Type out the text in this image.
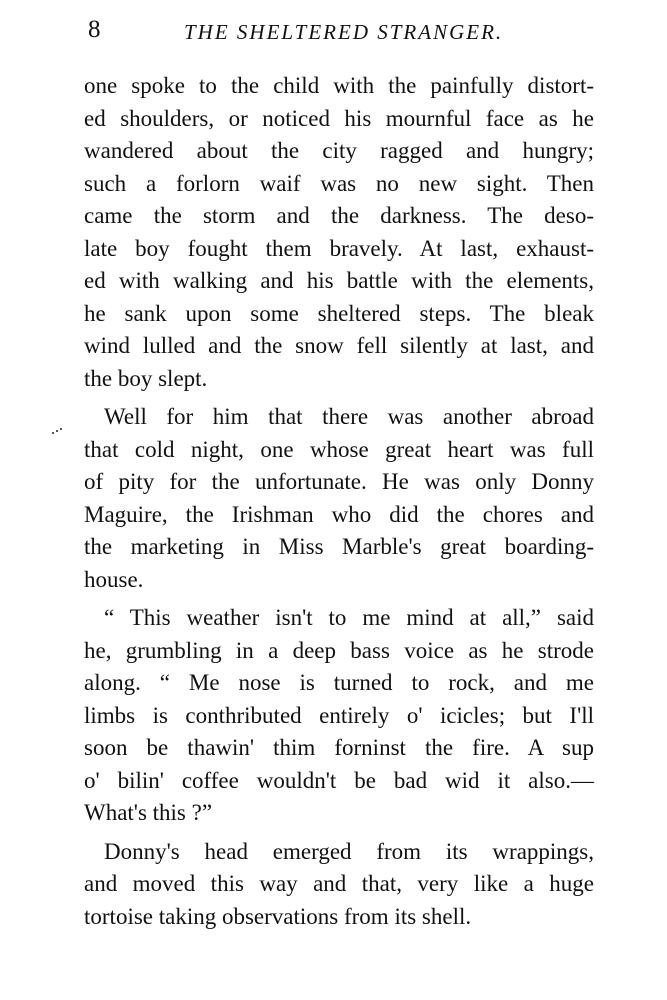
8	THE SHELTERED STRANGER.

one spoke to the child with the painfully distort-
ed shoulders, or noticed his mournful face as he
wandered about the city ragged and hungry;
such a forlorn waif was no new sight. Then
came the storm and the darkness. The deso-
late boy fought them bravely. At last, exhaust-
ed with walking and his battle with the elements,
he sank upon some sheltered steps. The bleak
wind lulled and the snow fell silently at last, and
the boy slept.

Well for him that there was another abroad
that cold night, one whose great heart was full
of pity for the unfortunate. He was only Donny
Maguire, the Irishman who did the chores and
the marketing in Miss Marble's great boarding-
house.

“ This weather isn't to me mind at all,” said
he, grumbling in a deep bass voice as he strode
along. “ Me nose is turned to rock, and me
limbs is conthributed entirely o' icicles; but I'll
soon be thawin' thim forninst the fire. A sup
o' bilin' coffee wouldn't be bad wid it also.—
What's this ?”

Donny's head emerged from its wrappings,
and moved this way and that, very like a huge
tortoise taking observations from its shell.
